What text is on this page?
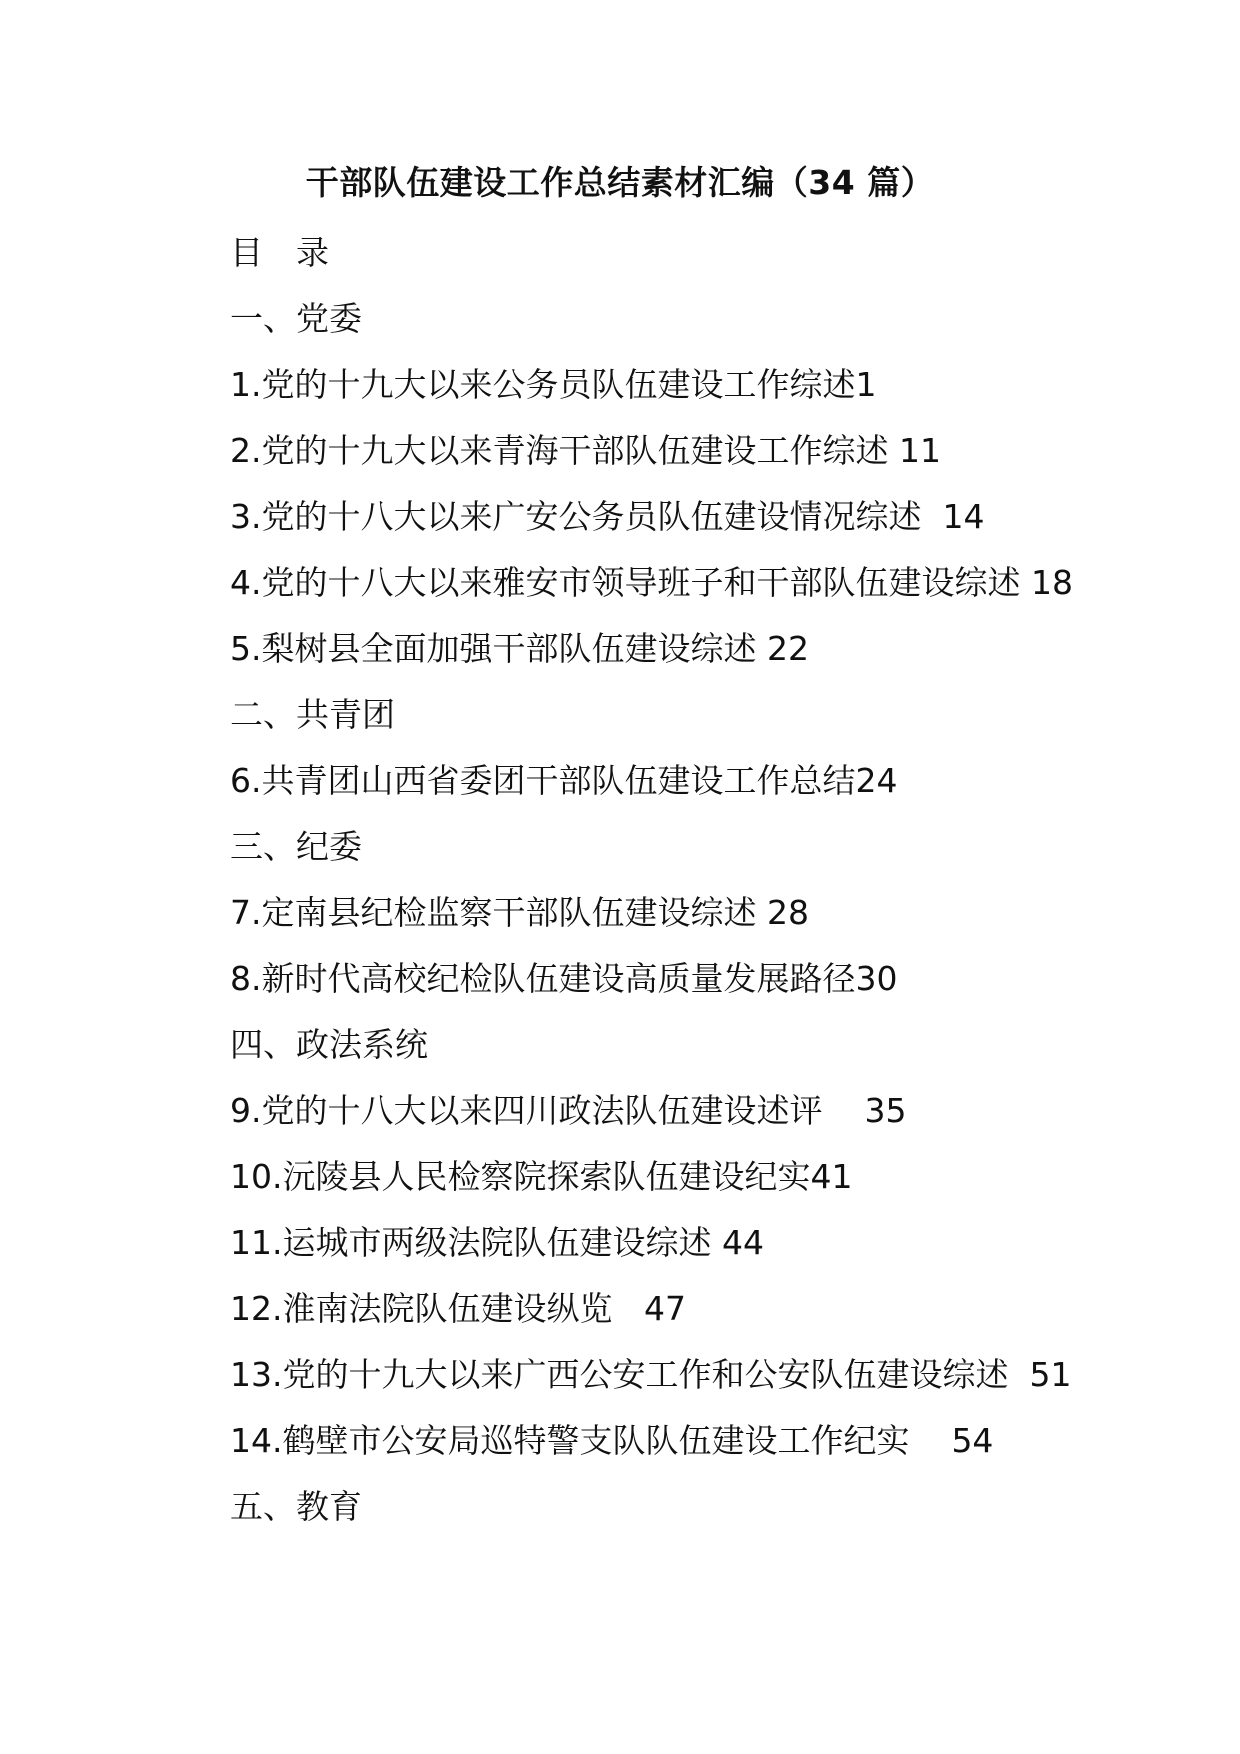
干部队伍建设工作总结素材汇编（34 篇）
目　录
一、党委
1.党的十九大以来公务员队伍建设工作综述1
2.党的十九大以来青海干部队伍建设工作综述 11
3.党的十八大以来广安公务员队伍建设情况综述  14
4.党的十八大以来雅安市领导班子和干部队伍建设综述 18
5.梨树县全面加强干部队伍建设综述 22
二、共青团
6.共青团山西省委团干部队伍建设工作总结24
三、纪委
7.定南县纪检监察干部队伍建设综述 28
8.新时代高校纪检队伍建设高质量发展路径30
四、政法系统
9.党的十八大以来四川政法队伍建设述评    35
10.沅陵县人民检察院探索队伍建设纪实41
11.运城市两级法院队伍建设综述 44
12.淮南法院队伍建设纵览   47
13.党的十九大以来广西公安工作和公安队伍建设综述  51
14.鹤壁市公安局巡特警支队队伍建设工作纪实    54
五、教育
